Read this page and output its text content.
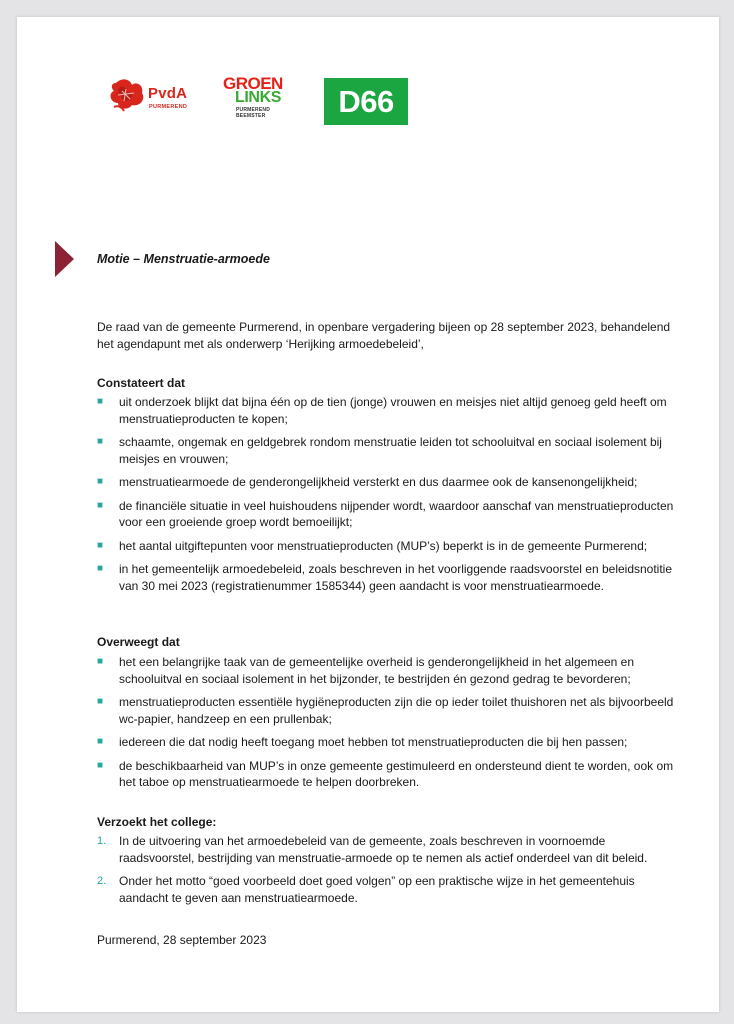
PvdA
PURMEREND
GROEN
LINKS
PURMEREND
BEEMSTER	D66
Motie – Menstruatie-armoede

De raad van de gemeente Purmerend, in openbare vergadering bijeen op 28 september 2023, behandelend het agendapunt met als onderwerp ‘Herijking armoedebeleid’,

Constateert dat
■ uit onderzoek blijkt dat bijna één op de tien (jonge) vrouwen en meisjes niet altijd genoeg geld heeft om menstruatieproducten te kopen;
■ schaamte, ongemak en geldgebrek rondom menstruatie leiden tot schooluitval en sociaal isolement bij meisjes en vrouwen;
■ menstruatiearmoede de genderongelijkheid versterkt en dus daarmee ook de kansenongelijkheid;
■ de financiële situatie in veel huishoudens nijpender wordt, waardoor aanschaf van menstruatieproducten voor een groeiende groep wordt bemoeilijkt;
■ het aantal uitgiftepunten voor menstruatieproducten (MUP’s) beperkt is in de gemeente Purmerend;
■ in het gemeentelijk armoedebeleid, zoals beschreven in het voorliggende raadsvoorstel en beleidsnotitie van 30 mei 2023 (registratienummer 1585344) geen aandacht is voor menstruatiearmoede.
Overweegt dat
■ het een belangrijke taak van de gemeentelijke overheid is genderongelijkheid in het algemeen en schooluitval en sociaal isolement in het bijzonder, te bestrijden én gezond gedrag te bevorderen;
■ menstruatieproducten essentiële hygiëneproducten zijn die op ieder toilet thuishoren net als bijvoorbeeld wc-papier, handzeep en een prullenbak;
■ iedereen die dat nodig heeft toegang moet hebben tot menstruatieproducten die bij hen passen;
■ de beschikbaarheid van MUP’s in onze gemeente gestimuleerd en ondersteund dient te worden, ook om het taboe op menstruatiearmoede te helpen doorbreken.
Verzoekt het college:
1. In de uitvoering van het armoedebeleid van de gemeente, zoals beschreven in voornoemde raadsvoorstel, bestrijding van menstruatie-armoede op te nemen als actief onderdeel van dit beleid.
2. Onder het motto “goed voorbeeld doet goed volgen” op een praktische wijze in het gemeentehuis aandacht te geven aan menstruatiearmoede.
Purmerend, 28 september 2023
